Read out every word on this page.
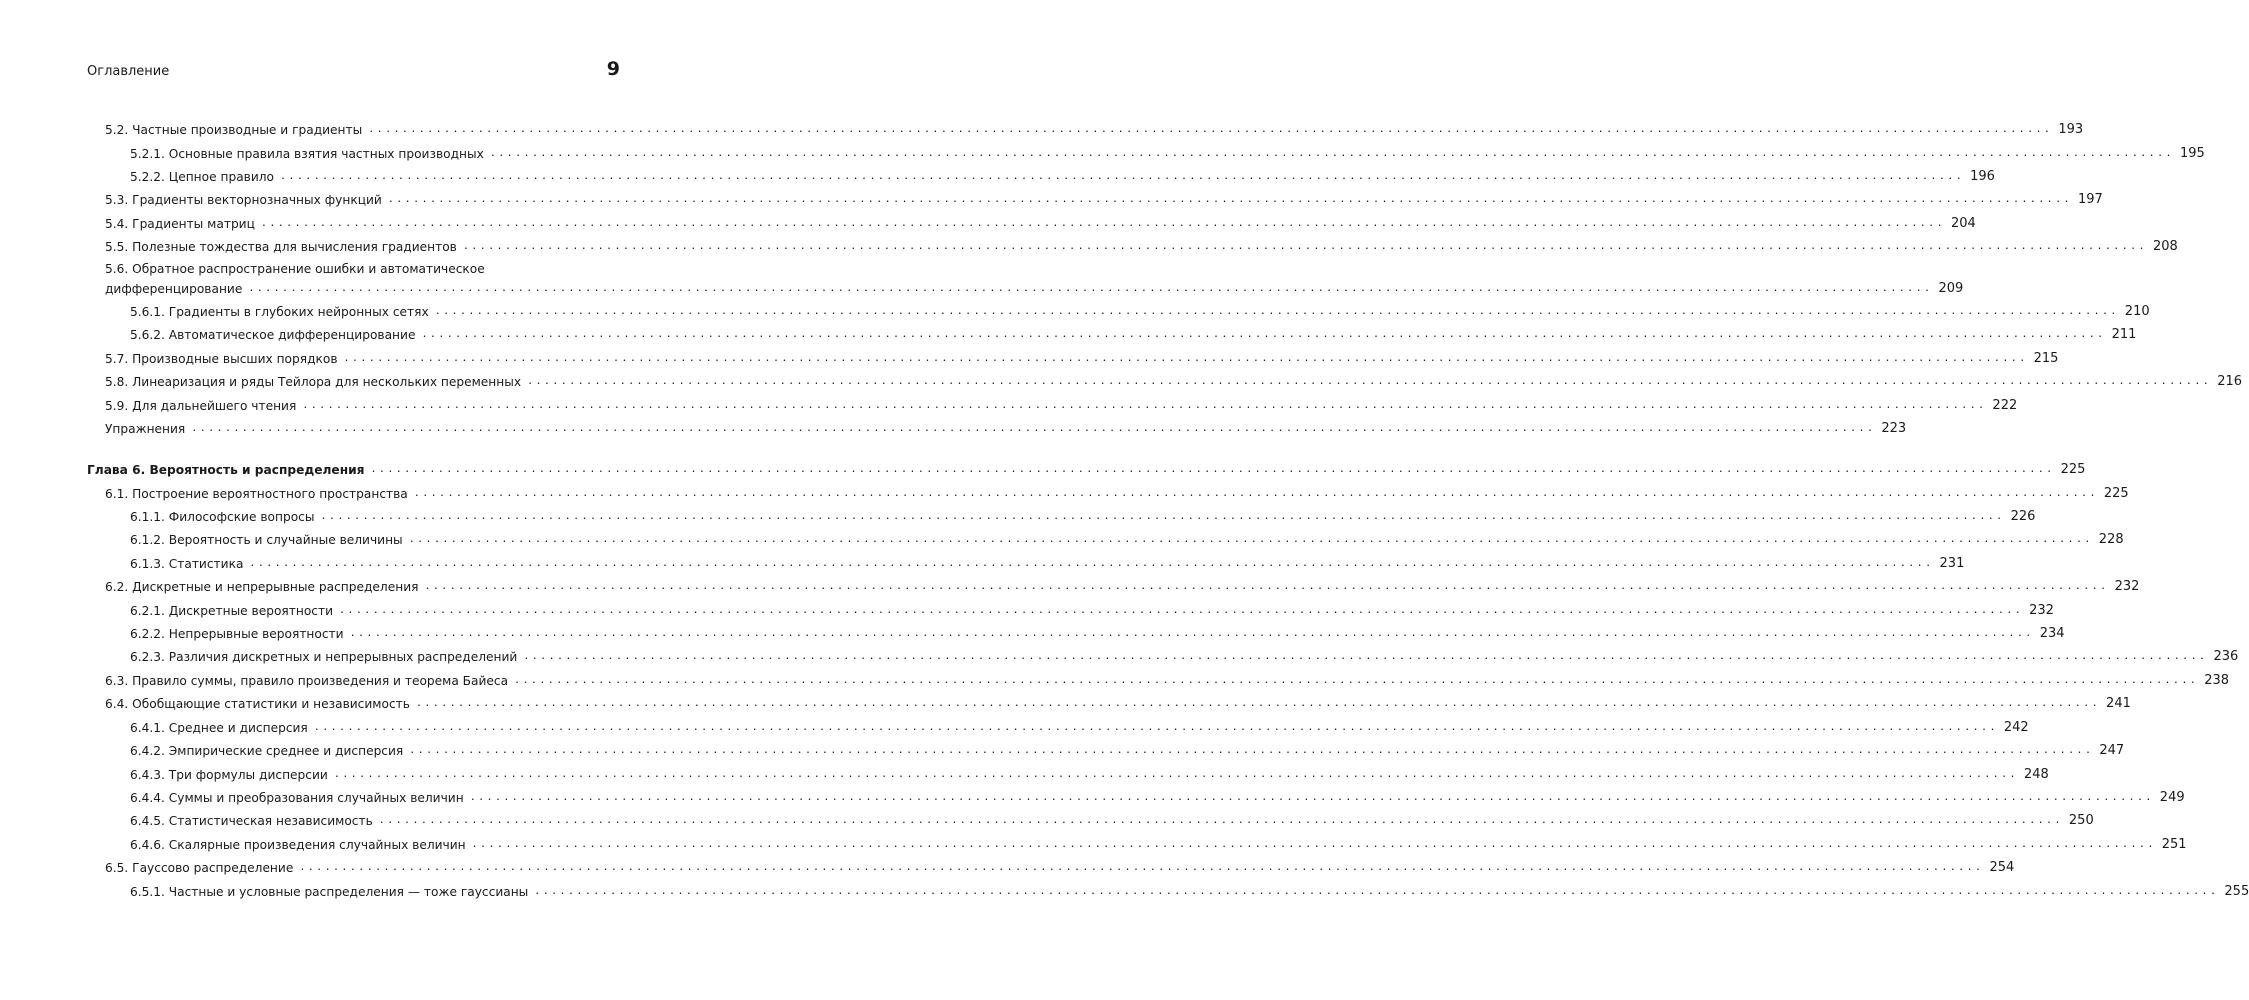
Оглавление	9
5.2. Частные производные и градиенты ........................................................................................................................................................................................................ 193
5.2.1. Основные правила взятия частных производных ........................................................................................................................................................................................................ 195
5.2.2. Цепное правило ........................................................................................................................................................................................................ 196
5.3. Градиенты векторнозначных функций ........................................................................................................................................................................................................ 197
5.4. Градиенты матриц ........................................................................................................................................................................................................ 204
5.5. Полезные тождества для вычисления градиентов ........................................................................................................................................................................................................ 208
5.6. Обратное распространение ошибки и автоматическое
дифференцирование ........................................................................................................................................................................................................ 209
5.6.1. Градиенты в глубоких нейронных сетях ........................................................................................................................................................................................................ 210
5.6.2. Автоматическое дифференцирование ........................................................................................................................................................................................................ 211
5.7. Производные высших порядков ........................................................................................................................................................................................................ 215
5.8. Линеаризация и ряды Тейлора для нескольких переменных ........................................................................................................................................................................................................ 216
5.9. Для дальнейшего чтения ........................................................................................................................................................................................................ 222
Упражнения ........................................................................................................................................................................................................ 223
Глава 6. Вероятность и распределения ........................................................................................................................................................................................................ 225
6.1. Построение вероятностного пространства ........................................................................................................................................................................................................ 225
6.1.1. Философские вопросы ........................................................................................................................................................................................................ 226
6.1.2. Вероятность и случайные величины ........................................................................................................................................................................................................ 228
6.1.3. Статистика ........................................................................................................................................................................................................ 231
6.2. Дискретные и непрерывные распределения ........................................................................................................................................................................................................ 232
6.2.1. Дискретные вероятности ........................................................................................................................................................................................................ 232
6.2.2. Непрерывные вероятности ........................................................................................................................................................................................................ 234
6.2.3. Различия дискретных и непрерывных распределений ........................................................................................................................................................................................................ 236
6.3. Правило суммы, правило произведения и теорема Байеса ........................................................................................................................................................................................................ 238
6.4. Обобщающие статистики и независимость ........................................................................................................................................................................................................ 241
6.4.1. Среднее и дисперсия ........................................................................................................................................................................................................ 242
6.4.2. Эмпирические среднее и дисперсия ........................................................................................................................................................................................................ 247
6.4.3. Три формулы дисперсии ........................................................................................................................................................................................................ 248
6.4.4. Суммы и преобразования случайных величин ........................................................................................................................................................................................................ 249
6.4.5. Статистическая независимость ........................................................................................................................................................................................................ 250
6.4.6. Скалярные произведения случайных величин ........................................................................................................................................................................................................ 251
6.5. Гауссово распределение ........................................................................................................................................................................................................ 254
6.5.1. Частные и условные распределения — тоже гауссианы ........................................................................................................................................................................................................ 255
